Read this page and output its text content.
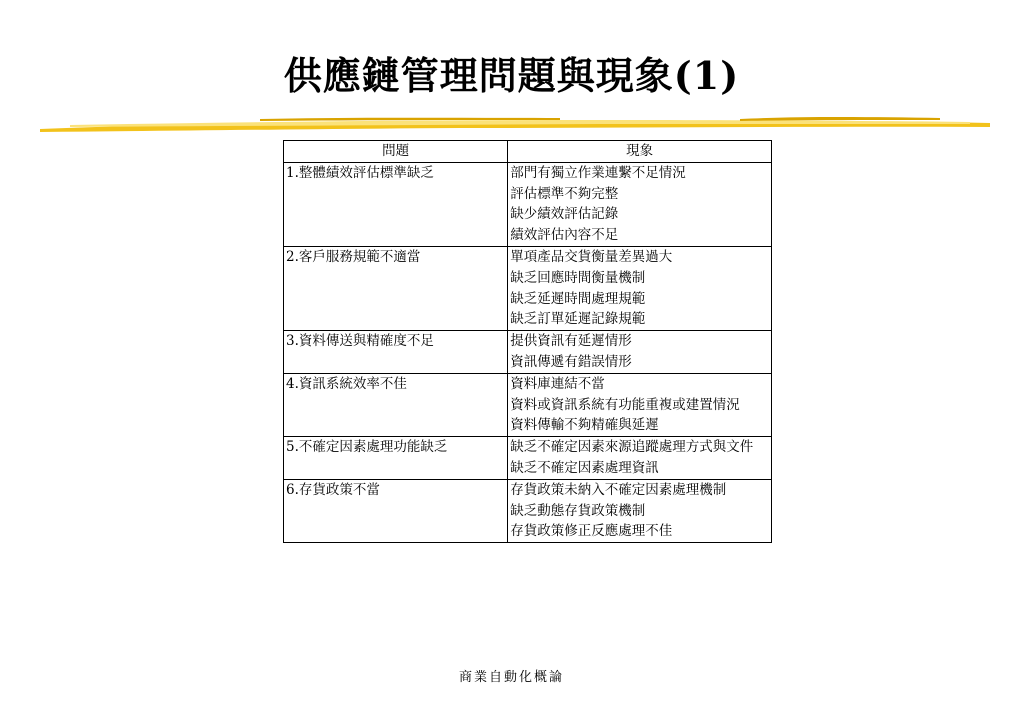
供應鏈管理問題與現象(1)
問題	現象
1.整體績效評估標準缺乏	部門有獨立作業連繫不足情況
評估標準不夠完整
缺少績效評估記錄
績效評估內容不足

2.客戶服務規範不適當	單項產品交貨衡量差異過大
缺乏回應時間衡量機制
缺乏延遲時間處理規範
缺乏訂單延遲記錄規範

3.資料傳送與精確度不足	提供資訊有延遲情形
資訊傳遞有錯誤情形

4.資訊系統效率不佳	資料庫連結不當
資料或資訊系統有功能重複或建置情況
資料傳輸不夠精確與延遲

5.不確定因素處理功能缺乏	缺乏不確定因素來源追蹤處理方式與文件
缺乏不確定因素處理資訊

6.存貨政策不當	存貨政策未納入不確定因素處理機制
缺乏動態存貨政策機制
存貨政策修正反應處理不佳
商業自動化概論
